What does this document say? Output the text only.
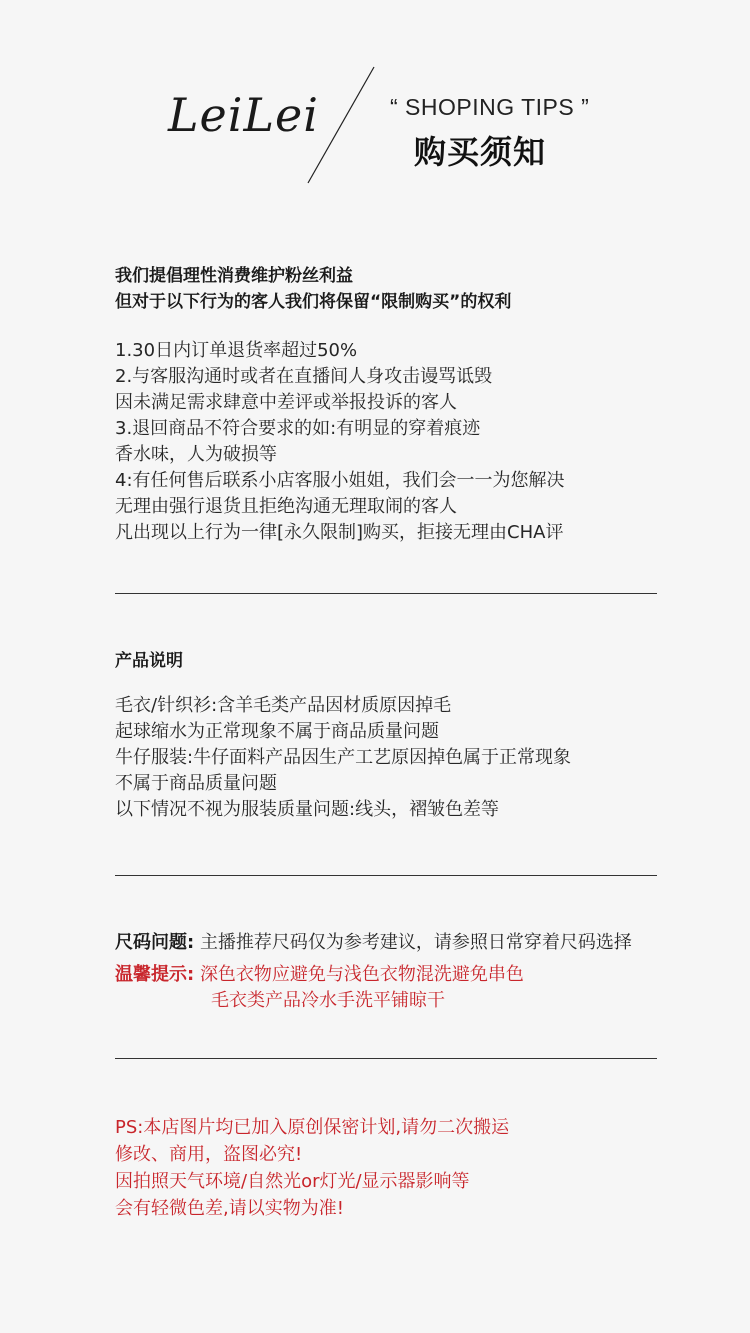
LeiLei	“ SHOPING TIPS ”
购买须知
我们提倡理性消费维护粉丝利益
但对于以下行为的客人我们将保留“限制购买”的权利
1.30日内订单退货率超过50%
2.与客服沟通时或者在直播间人身攻击谩骂诋毁
因未满足需求肆意中差评或举报投诉的客人
3.退回商品不符合要求的如:有明显的穿着痕迹
香水味，人为破损等
4:有任何售后联系小店客服小姐姐，我们会一一为您解决
无理由强行退货且拒绝沟通无理取闹的客人
凡出现以上行为一律[永久限制]购买，拒接无理由CHA评
产品说明
毛衣/针织衫:含羊毛类产品因材质原因掉毛
起球缩水为正常现象不属于商品质量问题
牛仔服装:牛仔面料产品因生产工艺原因掉色属于正常现象
不属于商品质量问题
以下情况不视为服装质量问题:线头，褶皱色差等
尺码问题: 主播推荐尺码仅为参考建议，请参照日常穿着尺码选择
温馨提示: 深色衣物应避免与浅色衣物混洗避免串色
毛衣类产品冷水手洗平铺晾干
PS:本店图片均已加入原创保密计划,请勿二次搬运
修改、商用，盗图必究!
因拍照天气环境/自然光or灯光/显示器影响等
会有轻微色差,请以实物为准!
